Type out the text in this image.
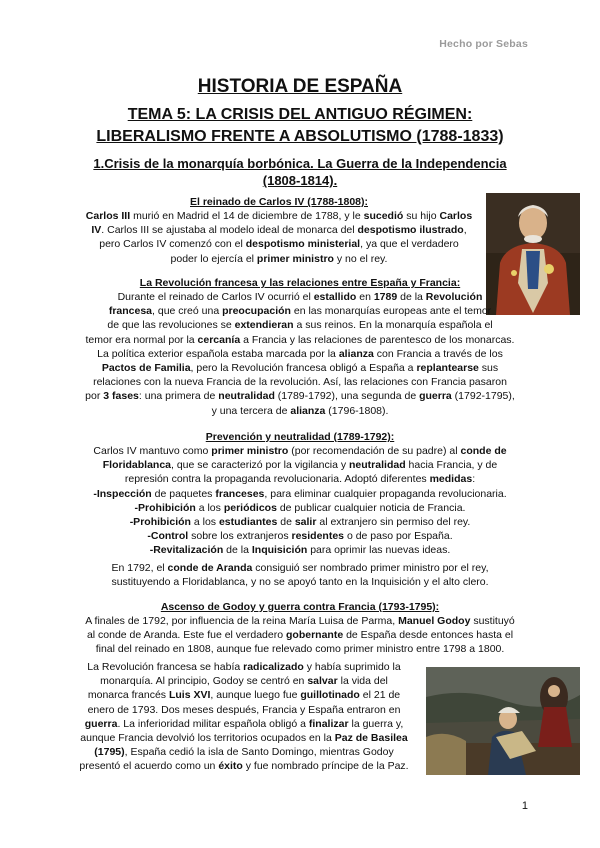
Hecho por Sebas
HISTORIA DE ESPAÑA
TEMA 5: LA CRISIS DEL ANTIGUO RÉGIMEN:
LIBERALISMO FRENTE A ABSOLUTISMO (1788-1833)
1.Crisis de la monarquía borbónica. La Guerra de la Independencia
(1808-1814).
El reinado de Carlos IV (1788-1808):
Carlos III murió en Madrid el 14 de diciembre de 1788, y le sucedió su hijo Carlos
IV. Carlos III se ajustaba al modelo ideal de monarca del despotismo ilustrado,
pero Carlos IV comenzó con el despotismo ministerial, ya que el verdadero
poder lo ejercía el primer ministro y no el rey.
La Revolución francesa y las relaciones entre España y Francia:
Durante el reinado de Carlos IV ocurrió el estallido en 1789 de la Revolución
francesa, que creó una preocupación en las monarquías europeas ante el temor
de que las revoluciones se extendieran a sus reinos. En la monarquía española el
temor era normal por la cercanía a Francia y las relaciones de parentesco de los monarcas.
La política exterior española estaba marcada por la alianza con Francia a través de los
Pactos de Familia, pero la Revolución francesa obligó a España a replantearse sus
relaciones con la nueva Francia de la revolución. Así, las relaciones con Francia pasaron
por 3 fases: una primera de neutralidad (1789-1792), una segunda de guerra (1792-1795),
y una tercera de alianza (1796-1808).
Prevención y neutralidad (1789-1792):
Carlos IV mantuvo como primer ministro (por recomendación de su padre) al conde de
Floridablanca, que se caracterizó por la vigilancia y neutralidad hacia Francia, y de
represión contra la propaganda revolucionaria. Adoptó diferentes medidas:
-Inspección de paquetes franceses, para eliminar cualquier propaganda revolucionaria.
-Prohibición a los periódicos de publicar cualquier noticia de Francia.
-Prohibición a los estudiantes de salir al extranjero sin permiso del rey.
-Control sobre los extranjeros residentes o de paso por España.
-Revitalización de la Inquisición para oprimir las nuevas ideas.
En 1792, el conde de Aranda consiguió ser nombrado primer ministro por el rey,
sustituyendo a Floridablanca, y no se apoyó tanto en la Inquisición y el alto clero.
Ascenso de Godoy y guerra contra Francia (1793-1795):
A finales de 1792, por influencia de la reina María Luisa de Parma, Manuel Godoy sustituyó
al conde de Aranda. Este fue el verdadero gobernante de España desde entonces hasta el
final del reinado en 1808, aunque fue relevado como primer ministro entre 1798 a 1800.
La Revolución francesa se había radicalizado y había suprimido la
monarquía. Al principio, Godoy se centró en salvar la vida del
monarca francés Luis XVI, aunque luego fue guillotinado el 21 de
enero de 1793. Dos meses después, Francia y España entraron en
guerra. La inferioridad militar española obligó a finalizar la guerra y,
aunque Francia devolvió los territorios ocupados en la Paz de Basilea
(1795), España cedió la isla de Santo Domingo, mientras Godoy
presentó el acuerdo como un éxito y fue nombrado príncipe de la Paz.
1
